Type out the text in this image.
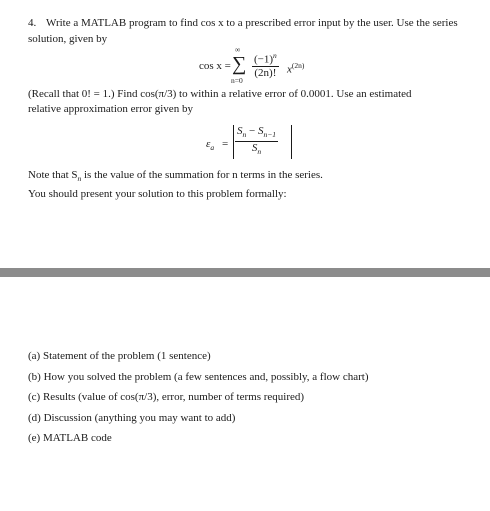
4. Write a MATLAB program to find cos x to a prescribed error input by the user. Use the series
solution, given by
cos x =
∞
∑
n=0
$\frac{(-1)^n}{(2n)!} x^{(2n)}$
(Recall that 0! = 1.) Find cos(π/3) to within a relative error of 0.0001. Use an estimated
relative approximation error given by
$\varepsilon_a = \frac{S_n - S_{n-1}}{S_n}$
Note that $S_n$ is the value of the summation for n terms in the series.
You should present your solution to this problem formally:
(a) Statement of the problem (1 sentence)
(b) How you solved the problem (a few sentences and, possibly, a flow chart)
(c) Results (value of cos(π/3), error, number of terms required)
(d) Discussion (anything you may want to add)
(e) MATLAB code
